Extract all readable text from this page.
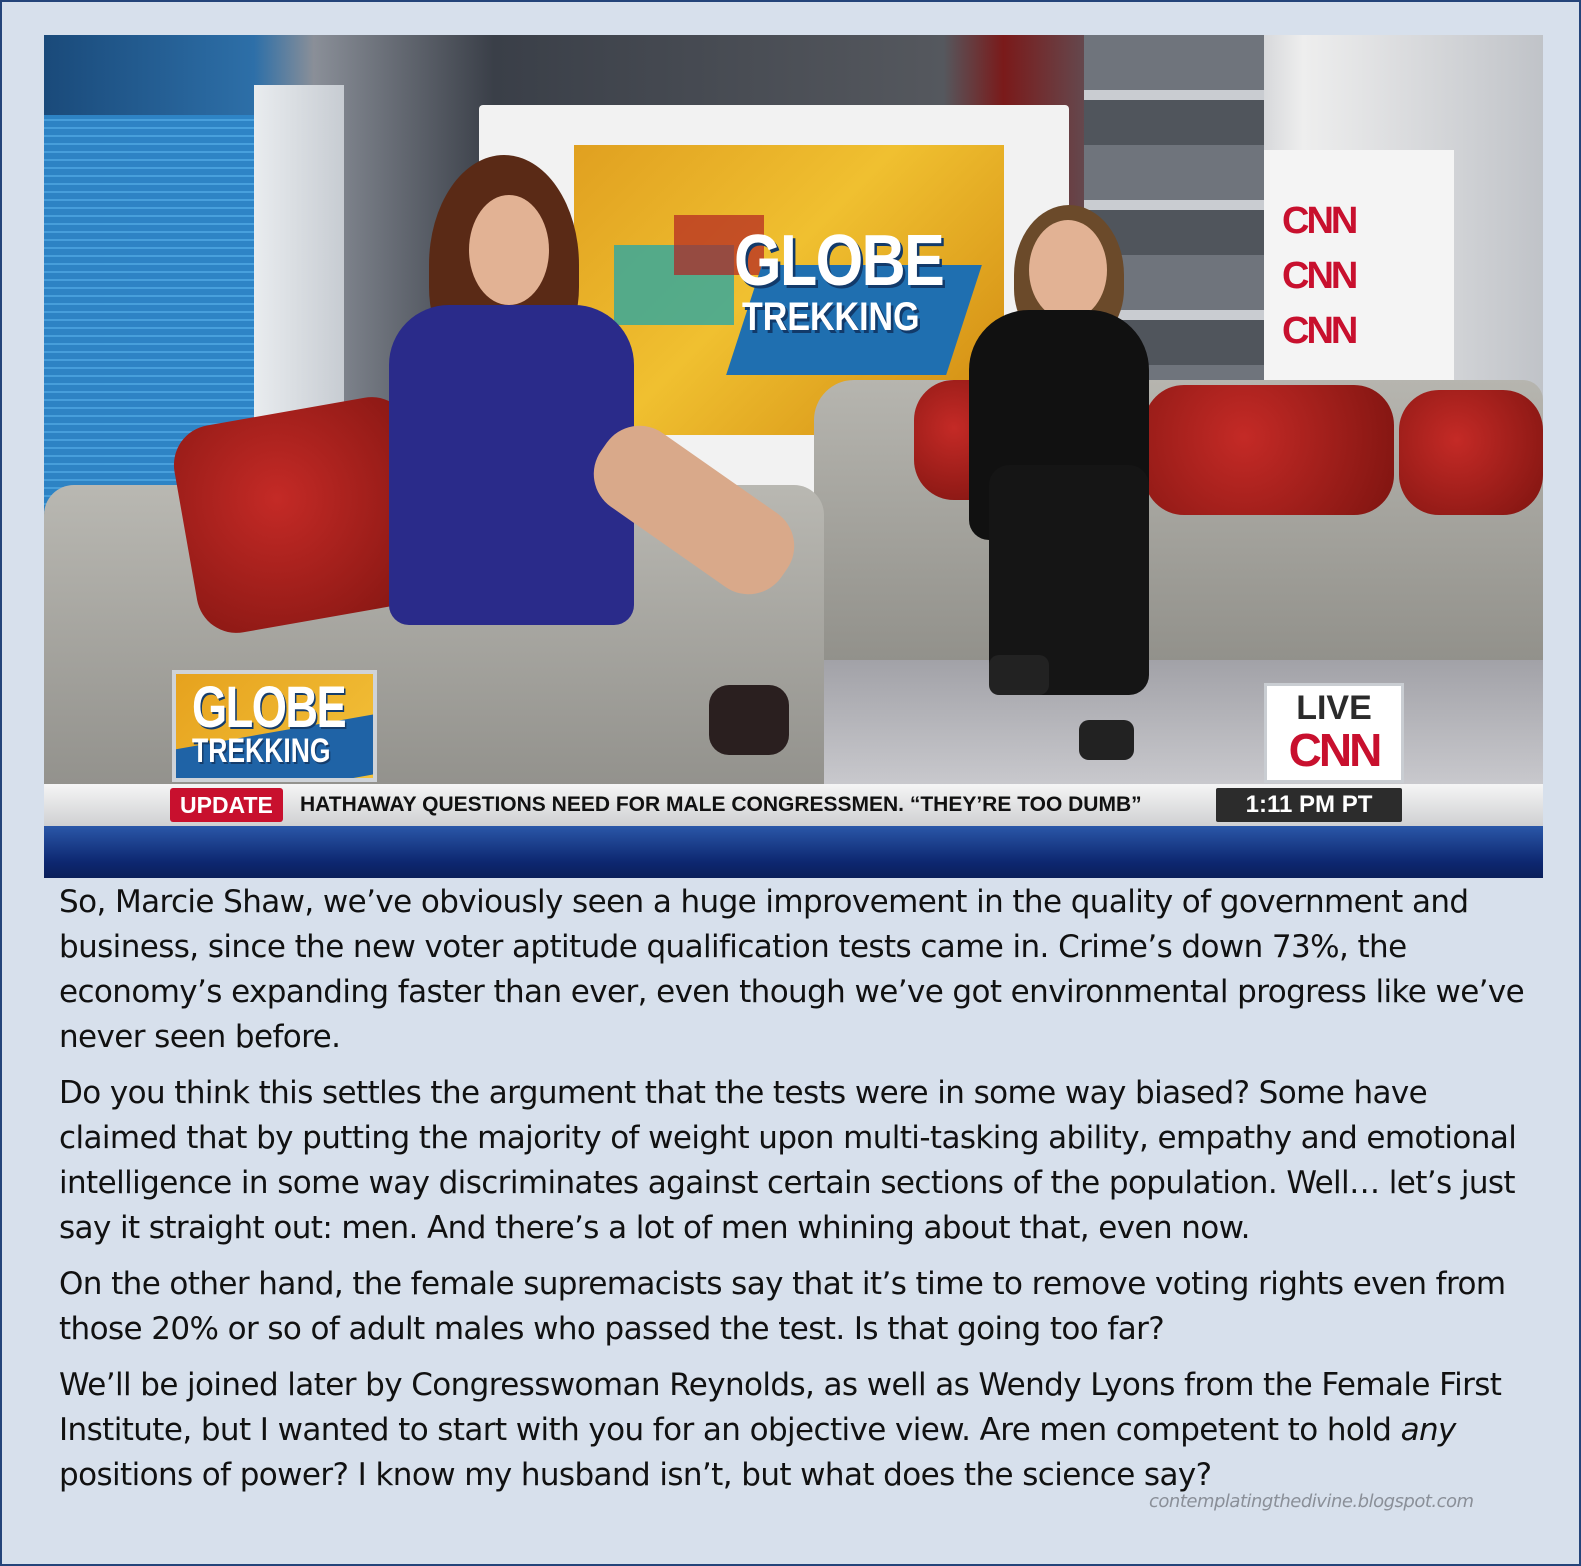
CNN
CNN
CNN
GLOBE
TREKKING
GLOBE
TREKKING
LIVE
CNN
UPDATE	HATHAWAY QUESTIONS NEED FOR MALE CONGRESSMEN. “THEY’RE TOO DUMB”	1:11 PM PT

So, Marcie Shaw, we’ve obviously seen a huge improvement in the quality of government and business, since the new voter aptitude qualification tests came in. Crime’s down 73%, the economy’s expanding faster than ever, even though we’ve got environmental progress like we’ve never seen before.

Do you think this settles the argument that the tests were in some way biased? Some have claimed that by putting the majority of weight upon multi-tasking ability, empathy and emotional intelligence in some way discriminates against certain sections of the population. Well… let’s just say it straight out: men. And there’s a lot of men whining about that, even now.

On the other hand, the female supremacists say that it’s time to remove voting rights even from those 20% or so of adult males who passed the test. Is that going too far?

We’ll be joined later by Congresswoman Reynolds, as well as Wendy Lyons from the Female First Institute, but I wanted to start with you for an objective view. Are men competent to hold any positions of power? I know my husband isn’t, but what does the science say?

contemplatingthedivine.blogspot.com
